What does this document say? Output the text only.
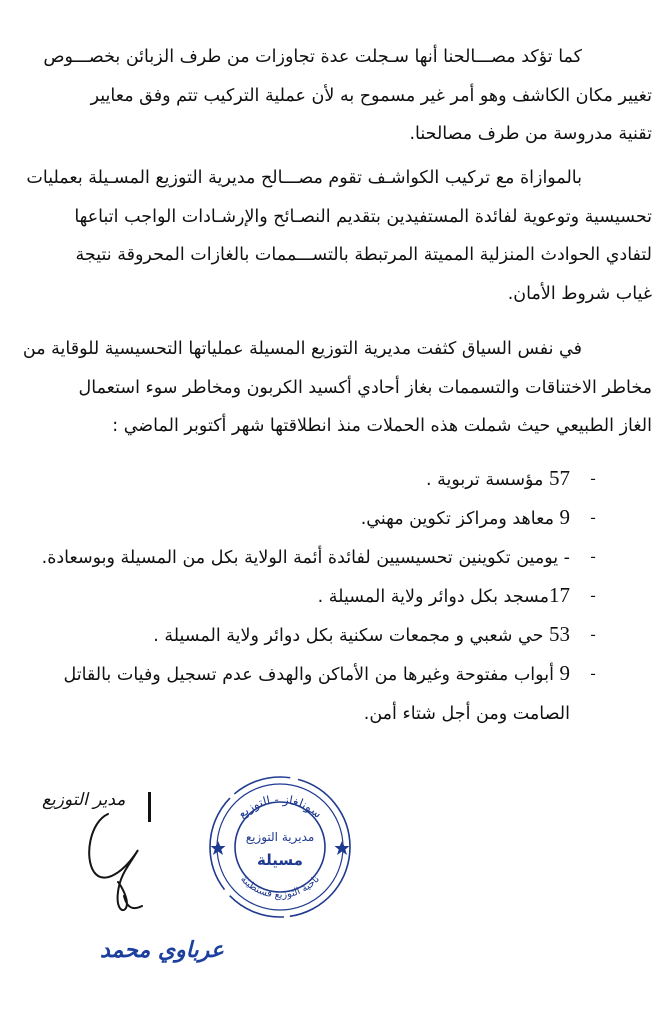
كما تؤكد مصـــالحنا أنها سـجلت عدة تجاوزات من طرف الزبائن بخصـــوص
تغيير مكان الكاشف وهو أمر غير مسموح به لأن عملية التركيب تتم وفق معايير
تقنية مدروسة من طرف مصالحنا.
بالموازاة مع تركيب الكواشـف تقوم مصـــالح مديرية التوزيع المسـيلة بعمليات
تحسيسية وتوعوية لفائدة المستفيدين بتقديم النصـائح والإرشـادات الواجب اتباعها
لتفادي الحوادث المنزلية المميتة المرتبطة بالتســـممات بالغازات المحروقة نتيجة
غياب شروط الأمان.
في نفس السياق كثفت مديرية التوزيع المسيلة عملياتها التحسيسية للوقاية من
مخاطر الاختناقات والتسممات بغاز أحادي أكسيد الكربون ومخاطر سوء استعمال
الغاز الطبيعي حيث شملت هذه الحملات منذ انطلاقتها شهر أكتوبر الماضي :
-
57 مؤسسة تربوية .
-
9 معاهد ومراكز تكوين مهني.
-
- يومين تكوينين تحسيسيين لفائدة أئمة الولاية بكل من المسيلة وبوسعادة.
-
17مسجد بكل دوائر ولاية المسيلة .
-
53 حي شعبي و مجمعات سكنية بكل دوائر ولاية المسيلة .
-
9 أبواب مفتوحة وغيرها من الأماكن والهدف عدم تسجيل وفيات بالقاتل
الصامت ومن أجل شتاء أمن.
سونلغاز - التوزيع
ناحية التوزيع قسنطينة
مديرية التوزيع
مسيلة
مدير التوزيع
عرباوي محمد
